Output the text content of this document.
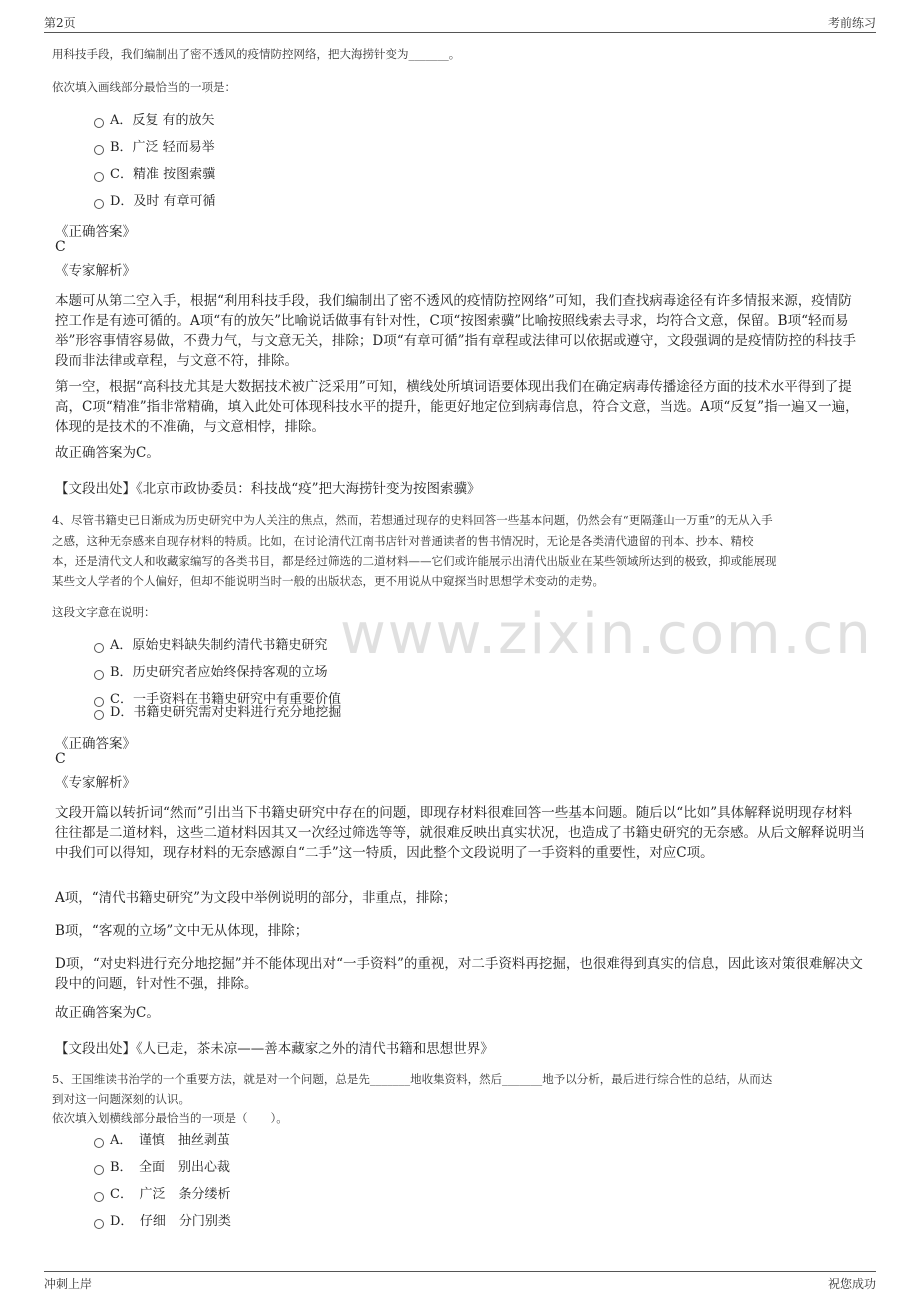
第2页	考前练习
用科技手段，我们编制出了密不透风的疫情防控网络，把大海捞针变为_______。
依次填入画线部分最恰当的一项是：
A．反复 有的放矢
B．广泛 轻而易举
C．精准 按图索骥
D．及时 有章可循
《正确答案》
C
《专家解析》
本题可从第二空入手，根据“利用科技手段，我们编制出了密不透风的疫情防控网络”可知，我们查找病毒途径有许多情报来源，疫情防控工作是有迹可循的。A项“有的放矢”比喻说话做事有针对性，C项“按图索骥”比喻按照线索去寻求，均符合文意，保留。B项“轻而易举”形容事情容易做，不费力气，与文意无关，排除；D项“有章可循”指有章程或法律可以依据或遵守，文段强调的是疫情防控的科技手段而非法律或章程，与文意不符，排除。
第一空，根据“高科技尤其是大数据技术被广泛采用”可知，横线处所填词语要体现出我们在确定病毒传播途径方面的技术水平得到了提高，C项“精准”指非常精确，填入此处可体现科技水平的提升，能更好地定位到病毒信息，符合文意，当选。A项“反复”指一遍又一遍，体现的是技术的不准确，与文意相悖，排除。
故正确答案为C。
【文段出处】《北京市政协委员：科技战“疫”把大海捞针变为按图索骥》
4、尽管书籍史已日渐成为历史研究中为人关注的焦点，然而，若想通过现存的史料回答一些基本问题，仍然会有“更隔蓬山一万重”的无从入手
之感，这种无奈感来自现存材料的特质。比如，在讨论清代江南书店针对普通读者的售书情况时，无论是各类清代遗留的刊本、抄本、精校
本，还是清代文人和收藏家编写的各类书目，都是经过筛选的二道材料——它们或许能展示出清代出版业在某些领域所达到的极致，抑或能展现
某些文人学者的个人偏好，但却不能说明当时一般的出版状态，更不用说从中窥探当时思想学术变动的走势。
这段文字意在说明：	www.zixin.com.cn
A．原始史料缺失制约清代书籍史研究
B．历史研究者应始终保持客观的立场
C．一手资料在书籍史研究中有重要价值
D．书籍史研究需对史料进行充分地挖掘
《正确答案》
C
《专家解析》
文段开篇以转折词“然而”引出当下书籍史研究中存在的问题，即现存材料很难回答一些基本问题。随后以“比如”具体解释说明现存材料往往都是二道材料，这些二道材料因其又一次经过筛选等等，就很难反映出真实状况，也造成了书籍史研究的无奈感。从后文解释说明当中我们可以得知，现存材料的无奈感源自“二手”这一特质，因此整个文段说明了一手资料的重要性，对应C项。
A项，“清代书籍史研究”为文段中举例说明的部分，非重点，排除；
B项，“客观的立场”文中无从体现，排除；
D项，“对史料进行充分地挖掘”并不能体现出对“一手资料”的重视，对二手资料再挖掘，也很难得到真实的信息，因此该对策很难解决文段中的问题，针对性不强，排除。
故正确答案为C。
【文段出处】《人已走，茶未凉——善本藏家之外的清代书籍和思想世界》
5、王国维读书治学的一个重要方法，就是对一个问题，总是先_______地收集资料，然后_______地予以分析，最后进行综合性的总结，从而达
到对这一问题深刻的认识。
依次填入划横线部分最恰当的一项是（　　）。
A．　谨慎　抽丝剥茧
B．　全面　别出心裁
C．　广泛　条分缕析
D．　仔细　分门别类
冲刺上岸	祝您成功
